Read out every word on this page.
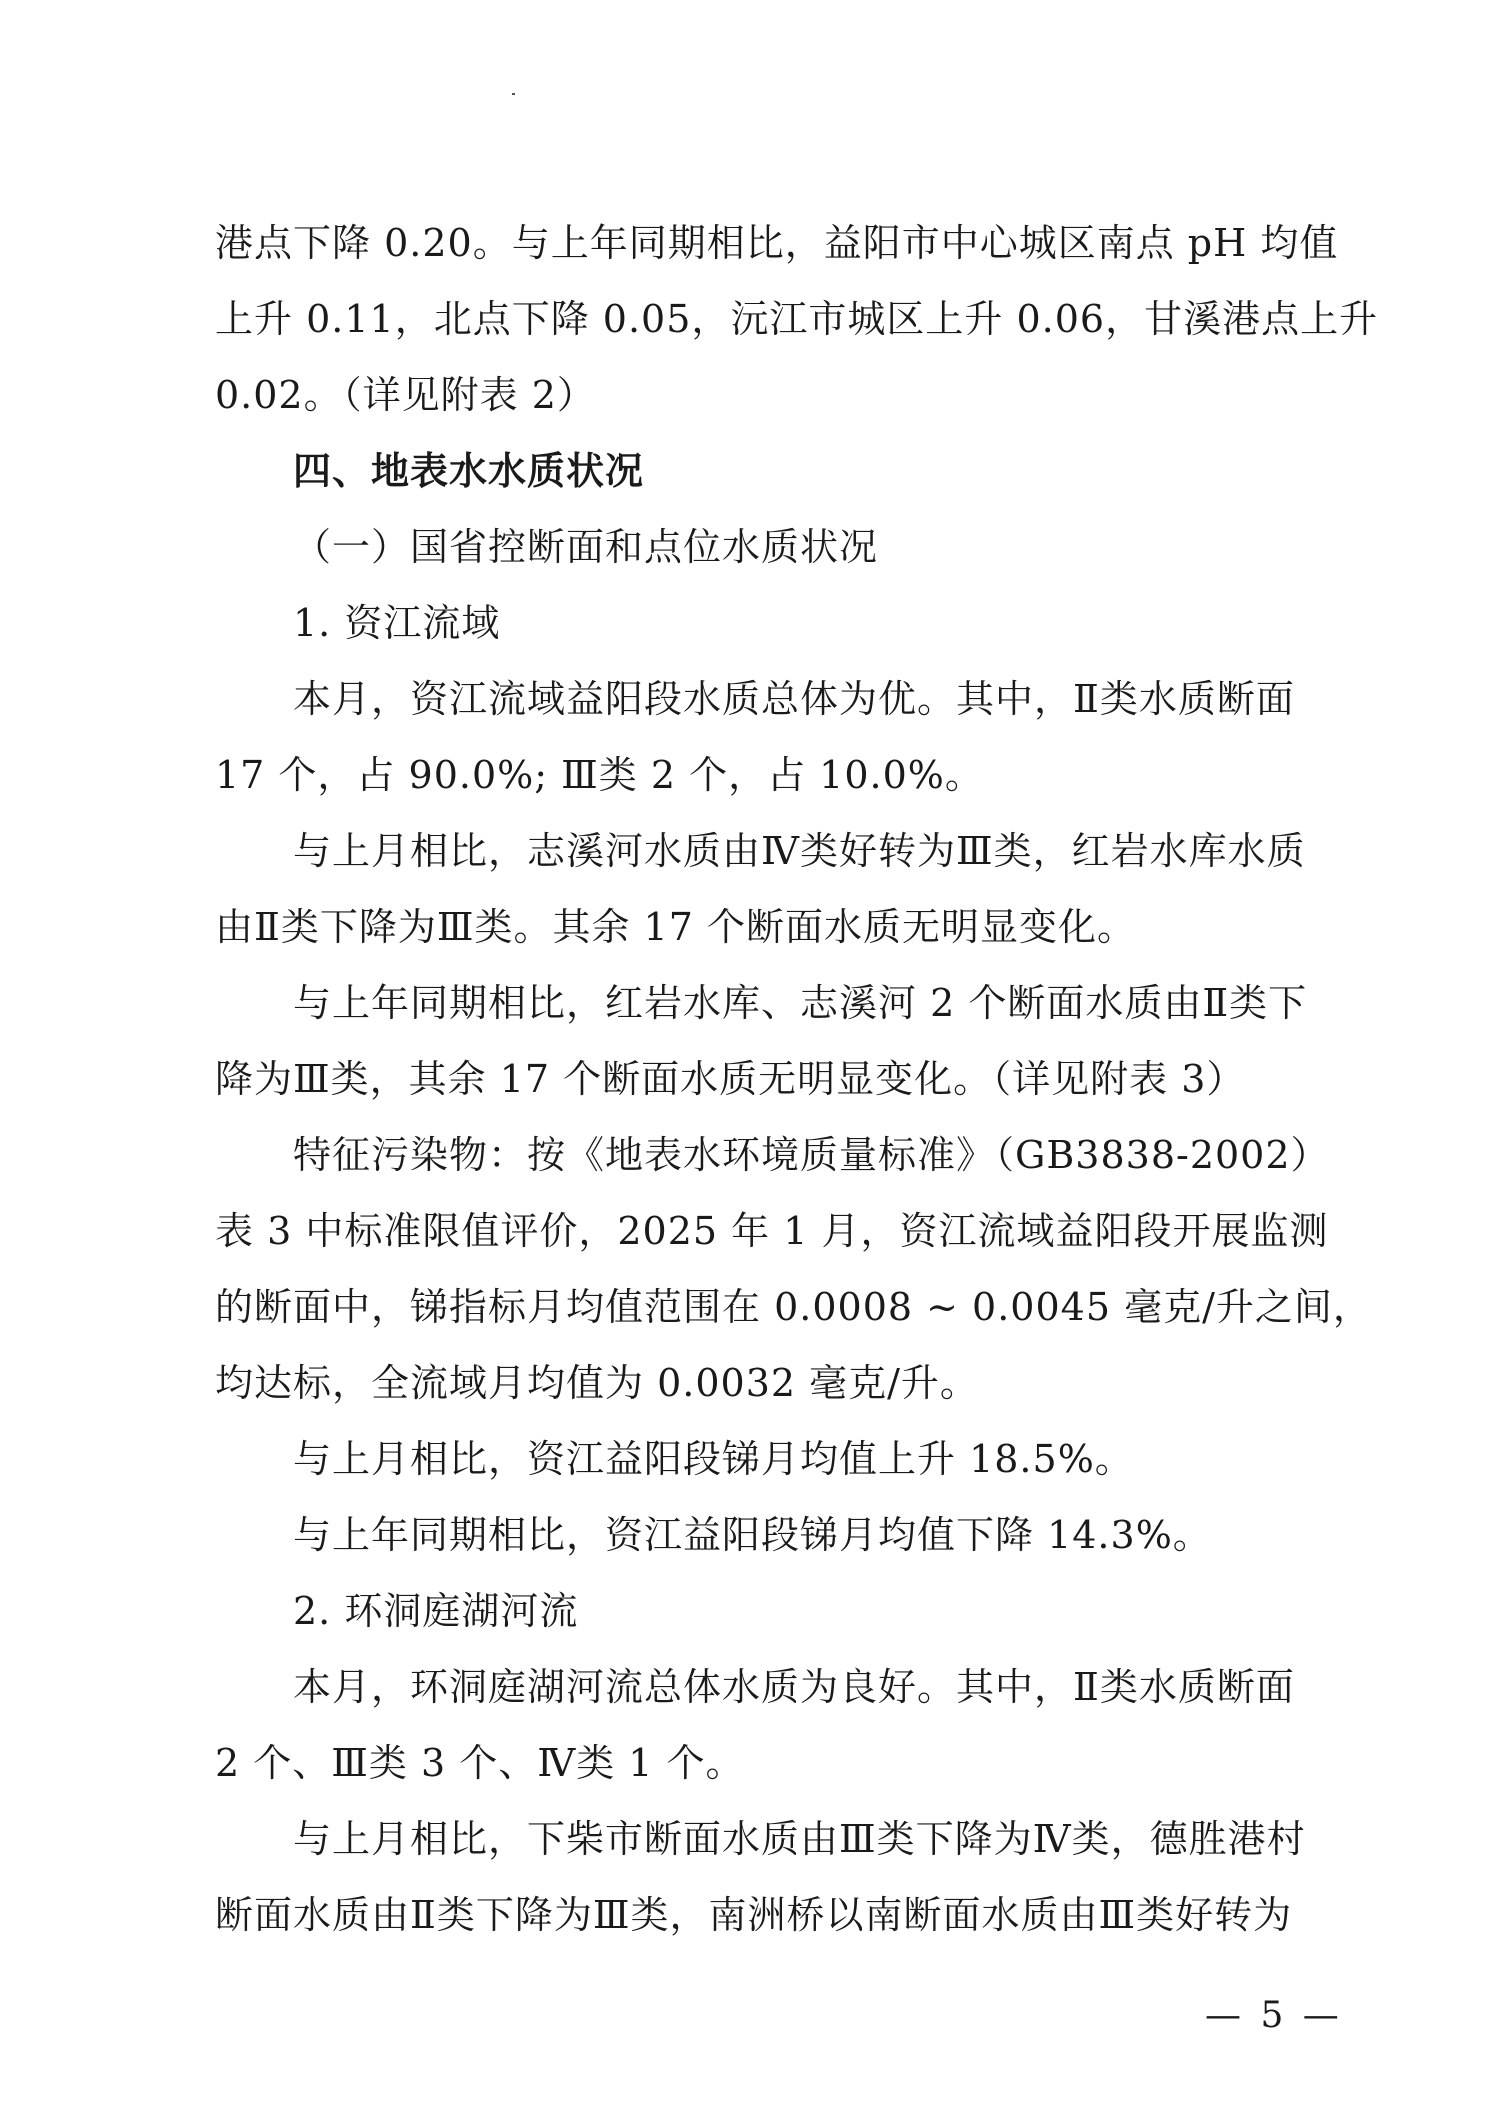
港点下降 0.20。与上年同期相比，益阳市中心城区南点 pH 均值
上升 0.11，北点下降 0.05，沅江市城区上升 0.06，甘溪港点上升
0.02。（详见附表 2）
四、地表水水质状况
（一）国省控断面和点位水质状况
1. 资江流域
本月，资江流域益阳段水质总体为优。其中，Ⅱ类水质断面
17 个，占 90.0%; Ⅲ类 2 个，占 10.0%。
与上月相比，志溪河水质由Ⅳ类好转为Ⅲ类，红岩水库水质
由Ⅱ类下降为Ⅲ类。其余 17 个断面水质无明显变化。
与上年同期相比，红岩水库、志溪河 2 个断面水质由Ⅱ类下
降为Ⅲ类，其余 17 个断面水质无明显变化。（详见附表 3）
特征污染物：按《地表水环境质量标准》（GB3838-2002）
表 3 中标准限值评价，2025 年 1 月，资江流域益阳段开展监测
的断面中，锑指标月均值范围在 0.0008 ~ 0.0045 毫克/升之间，
均达标，全流域月均值为 0.0032 毫克/升。
与上月相比，资江益阳段锑月均值上升 18.5%。
与上年同期相比，资江益阳段锑月均值下降 14.3%。
2. 环洞庭湖河流
本月，环洞庭湖河流总体水质为良好。其中，Ⅱ类水质断面
2 个、Ⅲ类 3 个、Ⅳ类 1 个。
与上月相比，下柴市断面水质由Ⅲ类下降为Ⅳ类，德胜港村
断面水质由Ⅱ类下降为Ⅲ类，南洲桥以南断面水质由Ⅲ类好转为
— 5 —
